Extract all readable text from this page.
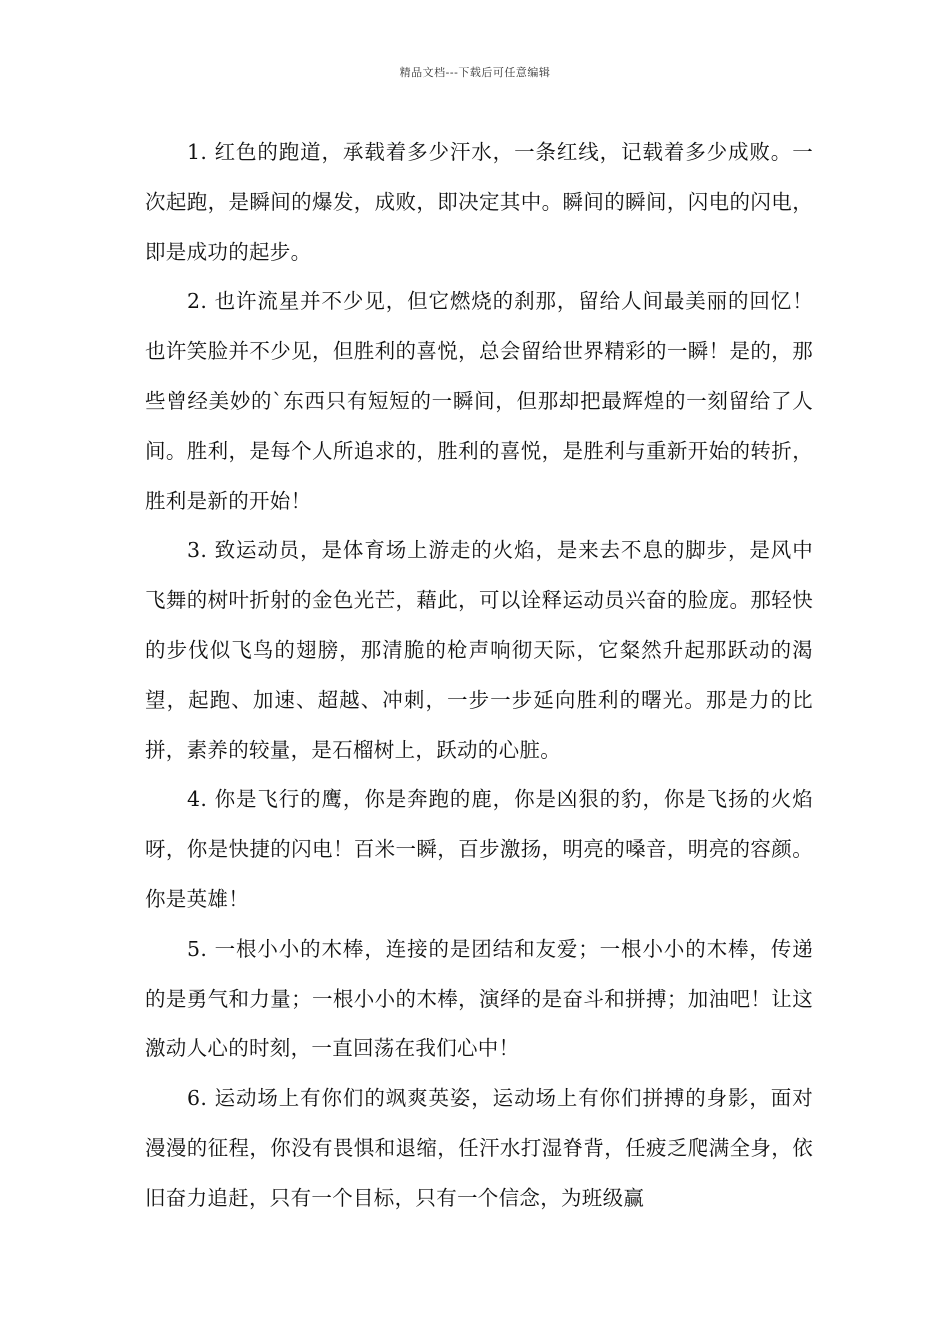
精品文档---下载后可任意编辑

1. 红色的跑道，承载着多少汗水，一条红线，记载着多少成败。一次起跑，是瞬间的爆发，成败，即决定其中。瞬间的瞬间，闪电的闪电，即是成功的起步。

2. 也许流星并不少见，但它燃烧的刹那，留给人间最美丽的回忆！也许笑脸并不少见，但胜利的喜悦，总会留给世界精彩的一瞬！是的，那些曾经美妙的`东西只有短短的一瞬间，但那却把最辉煌的一刻留给了人间。胜利，是每个人所追求的，胜利的喜悦，是胜利与重新开始的转折，胜利是新的开始！

3. 致运动员，是体育场上游走的火焰，是来去不息的脚步，是风中飞舞的树叶折射的金色光芒，藉此，可以诠释运动员兴奋的脸庞。那轻快的步伐似飞鸟的翅膀，那清脆的枪声响彻天际，它粲然升起那跃动的渴望，起跑、加速、超越、冲刺，一步一步延向胜利的曙光。那是力的比拼，素养的较量，是石榴树上，跃动的心脏。

4. 你是飞行的鹰，你是奔跑的鹿，你是凶狠的豹，你是飞扬的火焰呀，你是快捷的闪电！百米一瞬，百步激扬，明亮的嗓音，明亮的容颜。你是英雄！

5. 一根小小的木棒，连接的是团结和友爱；一根小小的木棒，传递的是勇气和力量；一根小小的木棒，演绎的是奋斗和拼搏；加油吧！让这激动人心的时刻，一直回荡在我们心中！

6. 运动场上有你们的飒爽英姿，运动场上有你们拼搏的身影，面对漫漫的征程，你没有畏惧和退缩，任汗水打湿脊背，任疲乏爬满全身，依旧奋力追赶，只有一个目标，只有一个信念，为班级赢
